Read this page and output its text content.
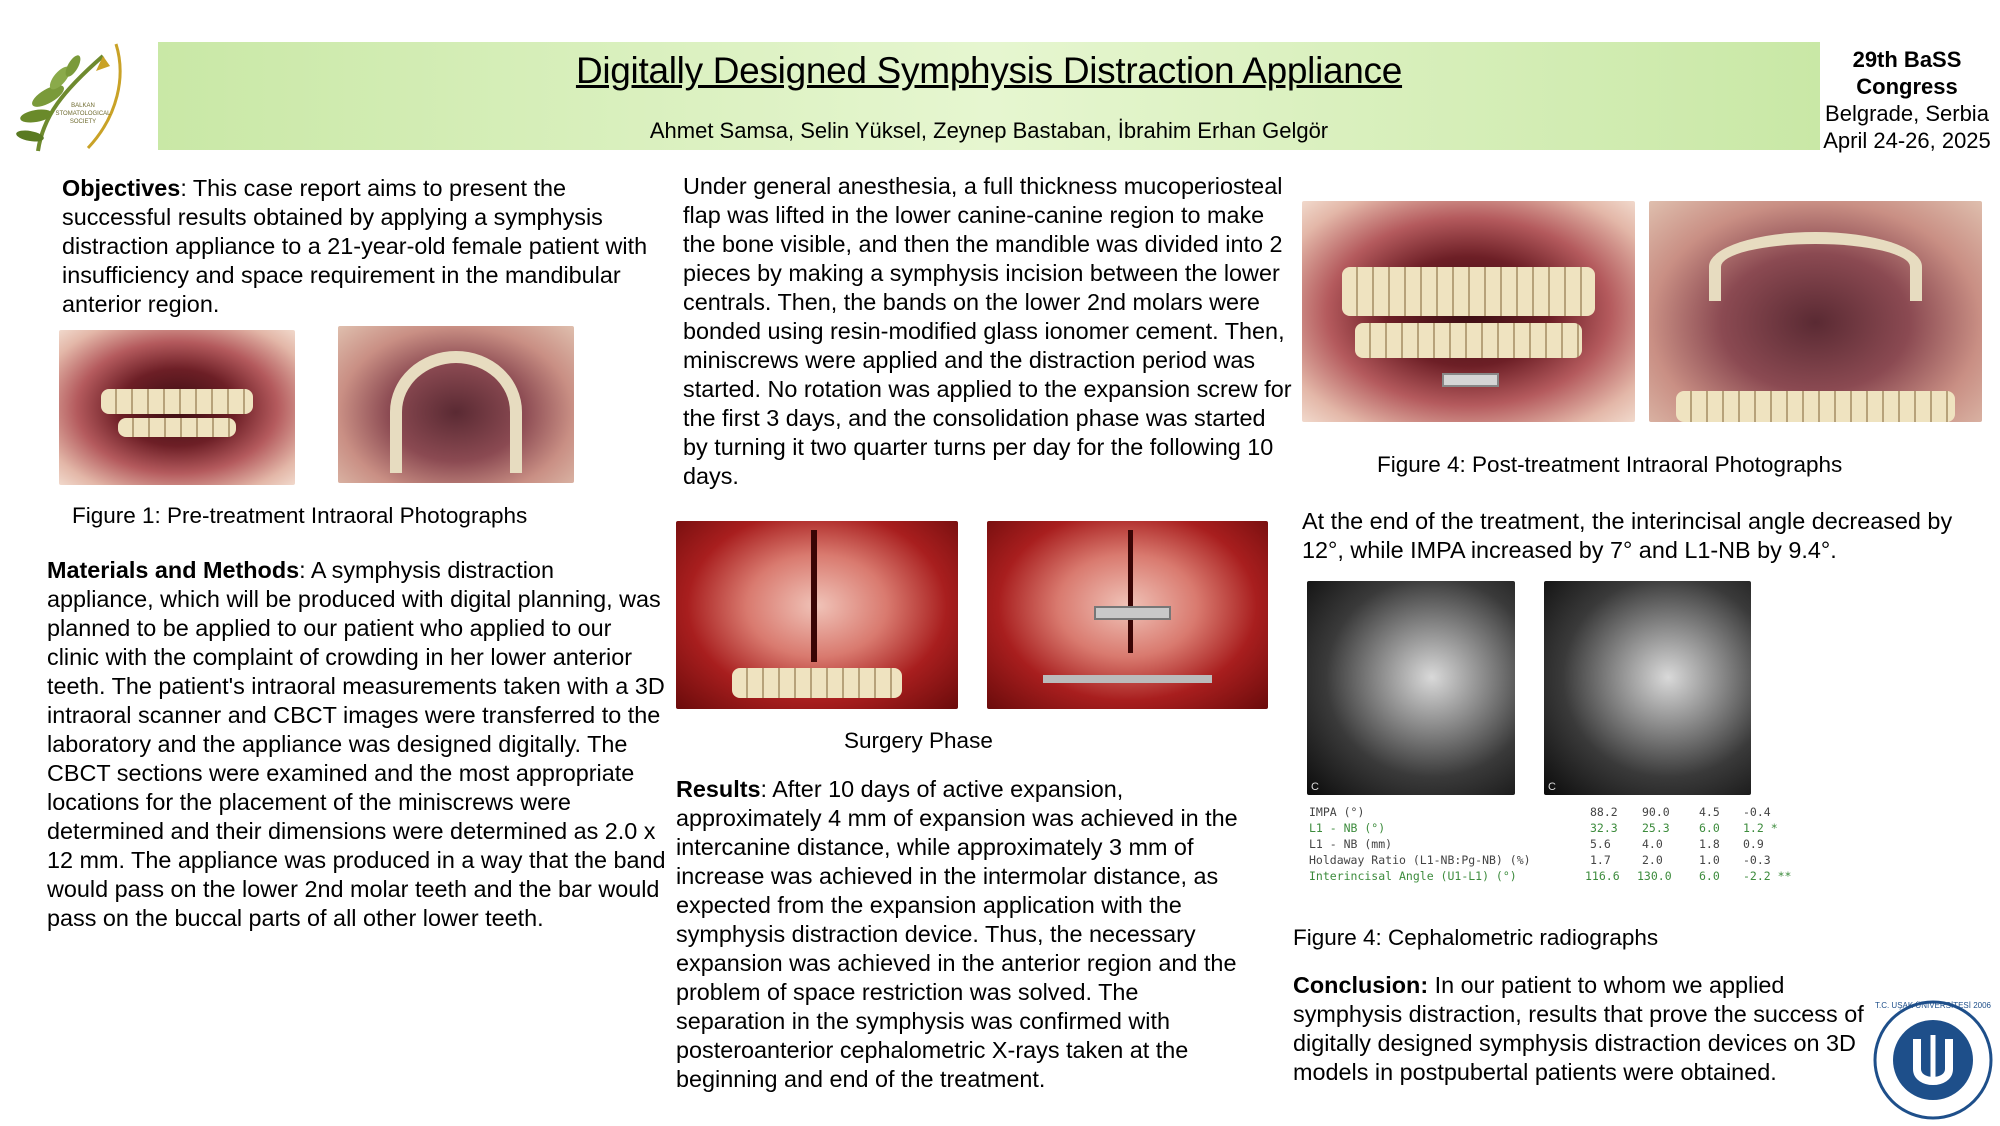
BALKAN STOMATOLOGICAL SOCIETY
Digitally Designed Symphysis Distraction Appliance
Ahmet Samsa, Selin Yüksel, Zeynep Bastaban, İbrahim Erhan Gelgör
29th BaSS
Congress
Belgrade, Serbia
April 24-26, 2025
Objectives: This case report aims to present the successful results obtained by applying a symphysis distraction appliance to a 21-year-old female patient with insufficiency and space requirement in the mandibular anterior region.
Figure 1: Pre-treatment Intraoral Photographs
Materials and Methods: A symphysis distraction appliance, which will be produced with digital planning, was planned to be applied to our patient who applied to our clinic with the complaint of crowding in her lower anterior teeth. The patient's intraoral measurements taken with a 3D intraoral scanner and CBCT images were transferred to the laboratory and the appliance was designed digitally. The CBCT sections were examined and the most appropriate locations for the placement of the miniscrews were determined and their dimensions were determined as 2.0 x 12 mm. The appliance was produced in a way that the band would pass on the lower 2nd molar teeth and the bar would pass on the buccal parts of all other lower teeth.
Under general anesthesia, a full thickness mucoperiosteal flap was lifted in the lower canine-canine region to make the bone visible, and then the mandible was divided into 2 pieces by making a symphysis incision between the lower centrals. Then, the bands on the lower 2nd molars were bonded using resin-modified glass ionomer cement. Then, miniscrews were applied and the distraction period was started. No rotation was applied to the expansion screw for the first 3 days, and the consolidation phase was started by turning it two quarter turns per day for the following 10 days.
Surgery Phase
Results: After 10 days of active expansion, approximately 4 mm of expansion was achieved in the intercanine distance, while approximately 3 mm of increase was achieved in the intermolar distance, as expected from the expansion application with the symphysis distraction device. Thus, the necessary expansion was achieved in the anterior region and the problem of space restriction was solved. The separation in the symphysis was confirmed with posteroanterior cephalometric X-rays taken at the beginning and end of the treatment.
Figure 4: Post-treatment Intraoral Photographs
At the end of the treatment, the interincisal angle decreased by 12°, while IMPA increased by 7° and L1-NB by 9.4°.
C	C
IMPA (°)	88.2 90.0	4.5 -0.4
L1 - NB (°)	32.3 25.3	6.0 1.2 *
L1 - NB (mm)	5.6	4.0	1.8 0.9
Holdaway Ratio (L1-NB:Pg-NB) (%)	1.7	2.0	1.0 -0.3
Interincisal Angle (U1-L1) (°)	116.6 130.0 6.0 -2.2 **
Figure 4: Cephalometric radiographs
Conclusion: In our patient to whom we applied symphysis distraction, results that prove the success of digitally designed symphysis distraction devices on 3D models in postpubertal patients were obtained.
T.C. UŞAK ÜNİVERSİTESİ 2006
